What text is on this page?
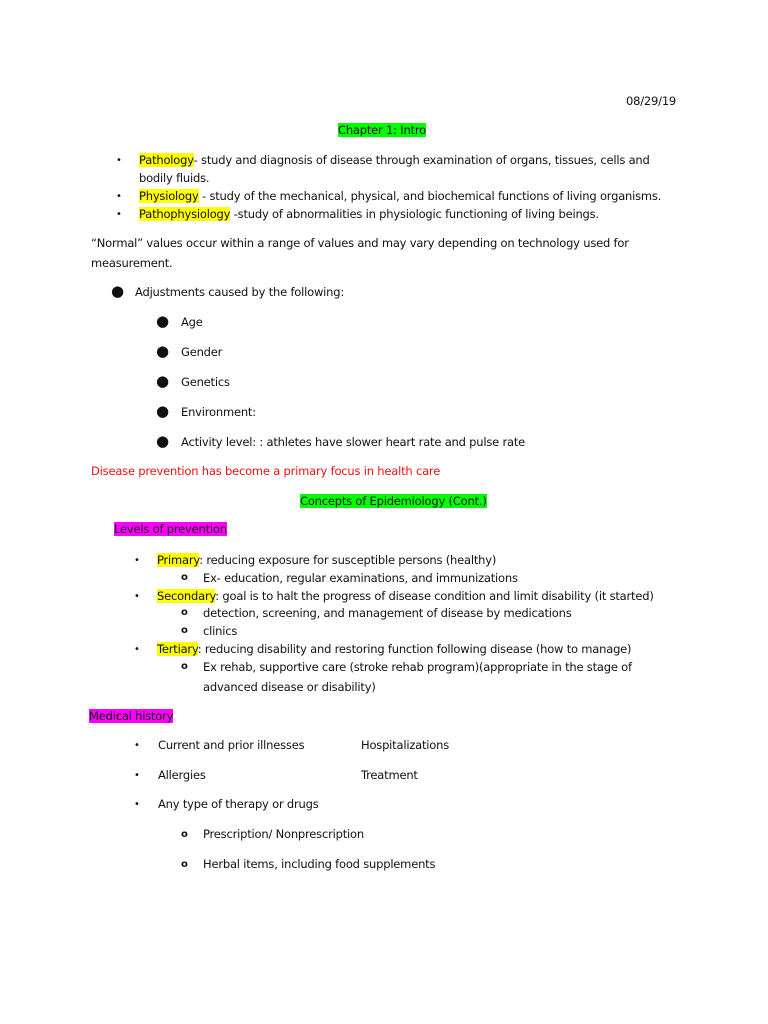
08/29/19
Chapter 1: Intro
• Pathology- study and diagnosis of disease through examination of organs, tissues, cells and
bodily fluids.
• Physiology - study of the mechanical, physical, and biochemical functions of living organisms.
• Pathophysiology -study of abnormalities in physiologic functioning of living beings.
“Normal” values occur within a range of values and may vary depending on technology used for
measurement.
● Adjustments caused by the following:
● Age
● Gender
● Genetics
● Environment:
● Activity level: : athletes have slower heart rate and pulse rate
Disease prevention has become a primary focus in health care
Concepts of Epidemiology (Cont.)
Levels of prevention
• Primary: reducing exposure for susceptible persons (healthy)
o Ex- education, regular examinations, and immunizations
• Secondary: goal is to halt the progress of disease condition and limit disability (it started)
o detection, screening, and management of disease by medications
o clinics
• Tertiary: reducing disability and restoring function following disease (how to manage)
o Ex rehab, supportive care (stroke rehab program)(appropriate in the stage of
advanced disease or disability)
Medical history
• Current and prior illnesses	Hospitalizations
• Allergies	Treatment
• Any type of therapy or drugs
o Prescription/ Nonprescription
o Herbal items, including food supplements
